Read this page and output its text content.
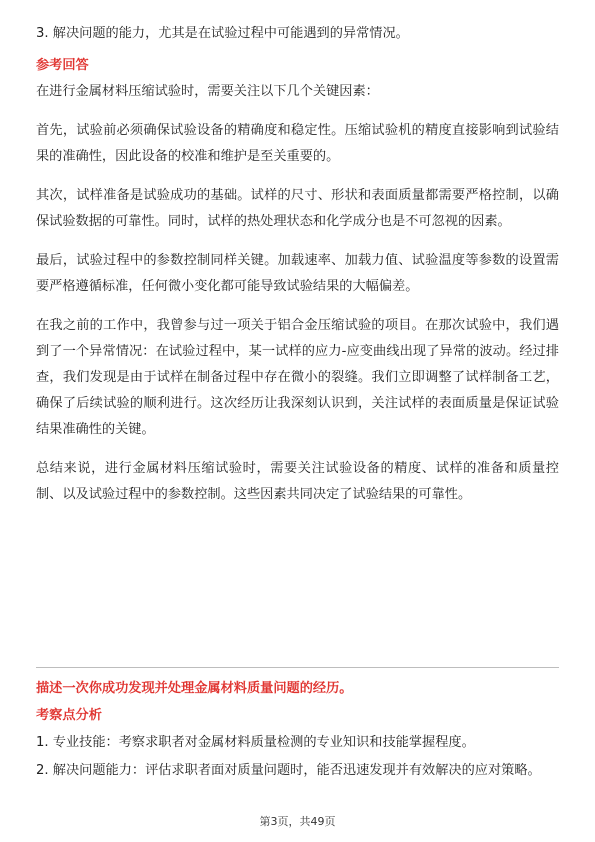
3. 解决问题的能力，尤其是在试验过程中可能遇到的异常情况。

参考回答

在进行金属材料压缩试验时，需要关注以下几个关键因素：

首先，试验前必须确保试验设备的精确度和稳定性。压缩试验机的精度直接影响到试验结果的准确性，因此设备的校准和维护是至关重要的。

其次，试样准备是试验成功的基础。试样的尺寸、形状和表面质量都需要严格控制，以确保试验数据的可靠性。同时，试样的热处理状态和化学成分也是不可忽视的因素。

最后，试验过程中的参数控制同样关键。加载速率、加载力值、试验温度等参数的设置需要严格遵循标准，任何微小变化都可能导致试验结果的大幅偏差。

在我之前的工作中，我曾参与过一项关于铝合金压缩试验的项目。在那次试验中，我们遇到了一个异常情况：在试验过程中，某一试样的应力-应变曲线出现了异常的波动。经过排查，我们发现是由于试样在制备过程中存在微小的裂缝。我们立即调整了试样制备工艺，确保了后续试验的顺利进行。这次经历让我深刻认识到，关注试样的表面质量是保证试验结果准确性的关键。

总结来说，进行金属材料压缩试验时，需要关注试验设备的精度、试样的准备和质量控制、以及试验过程中的参数控制。这些因素共同决定了试验结果的可靠性。

描述一次你成功发现并处理金属材料质量问题的经历。

考察点分析

1. 专业技能：考察求职者对金属材料质量检测的专业知识和技能掌握程度。

2. 解决问题能力：评估求职者面对质量问题时，能否迅速发现并有效解决的应对策略。

第3页，共49页
